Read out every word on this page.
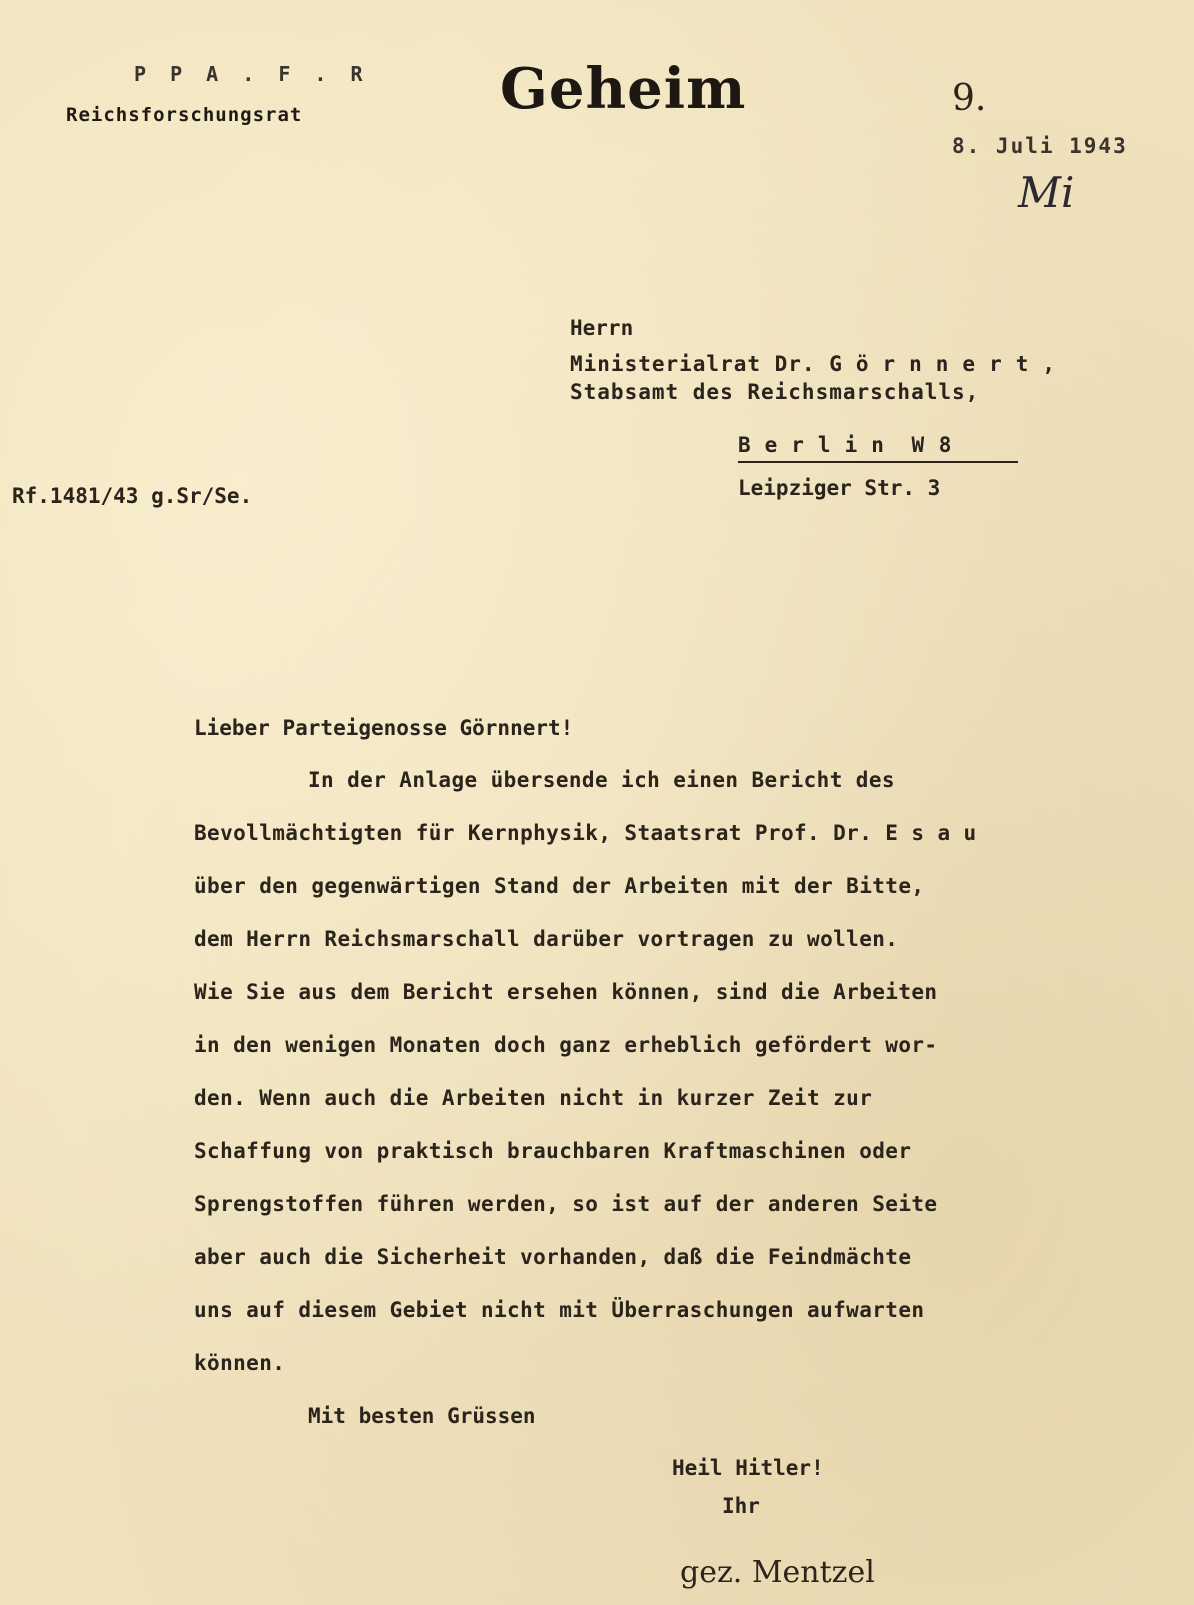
P P A . F . R
Reichsforschungsrat	Geheim	9.
8. Juli 1943
Mi
Herrn
Ministerialrat Dr. Görnnert,
Stabsamt des Reichsmarschalls,
Berlin W 8
Leipziger Str. 3
Rf.1481/43 g.Sr/Se.
Lieber Parteigenosse Görnnert!
In der Anlage übersende ich einen Bericht des
Bevollmächtigten für Kernphysik, Staatsrat Prof. Dr. E s a u
über den gegenwärtigen Stand der Arbeiten mit der Bitte,
dem Herrn Reichsmarschall darüber vortragen zu wollen.
Wie Sie aus dem Bericht ersehen können, sind die Arbeiten
in den wenigen Monaten doch ganz erheblich gefördert wor-
den. Wenn auch die Arbeiten nicht in kurzer Zeit zur
Schaffung von praktisch brauchbaren Kraftmaschinen oder
Sprengstoffen führen werden, so ist auf der anderen Seite
aber auch die Sicherheit vorhanden, daß die Feindmächte
uns auf diesem Gebiet nicht mit Überraschungen aufwarten
können.
Mit besten Grüssen
Heil Hitler!
Ihr
gez. Mentzel
